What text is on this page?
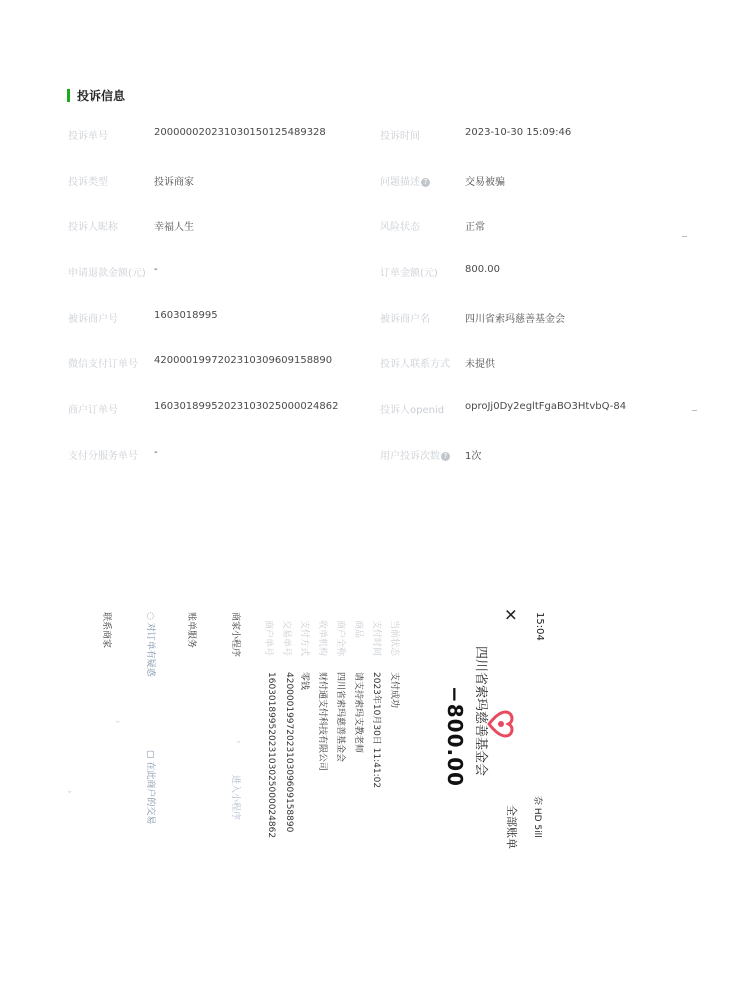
投诉信息
投诉单号	200000020231030150125489328	投诉时间	2023-10-30 15:09:46
投诉类型	投诉商家	问题描述 ?	交易被骗
投诉人昵称	幸福人生	风险状态	正常
申请退款金额(元) -	订单金额(元)	800.00
被诉商户号	1603018995	被诉商户名	四川省索玛慈善基金会
微信支付订单号 4200001997202310309609158890	投诉人联系方式 未提供
商户订单号	16030189952023103025000024862	投诉人openid oproJj0Dy2egltFgaBO3HtvbQ-84
支付分服务单号 -	用户投诉次数 ? 1次
15:04
✕
奈 HD 5ill
全部账单
四川省索玛慈善基金会
−800.00
当前状态
支付成功
支付时间
2023年10月30日 11:41:02
商品
请支持索玛支教老师
商户全称
四川省索玛慈善基金会
收单机构
财付通支付科技有限公司
支付方式
零钱
交易单号
4200001997202310309609158890
商户单号
16030189952023103025000024862
商家小程序
进入小程序
›
账单服务
◌ 对订单有疑惑
▢ 在此商户的交易
›
›
联系商家
